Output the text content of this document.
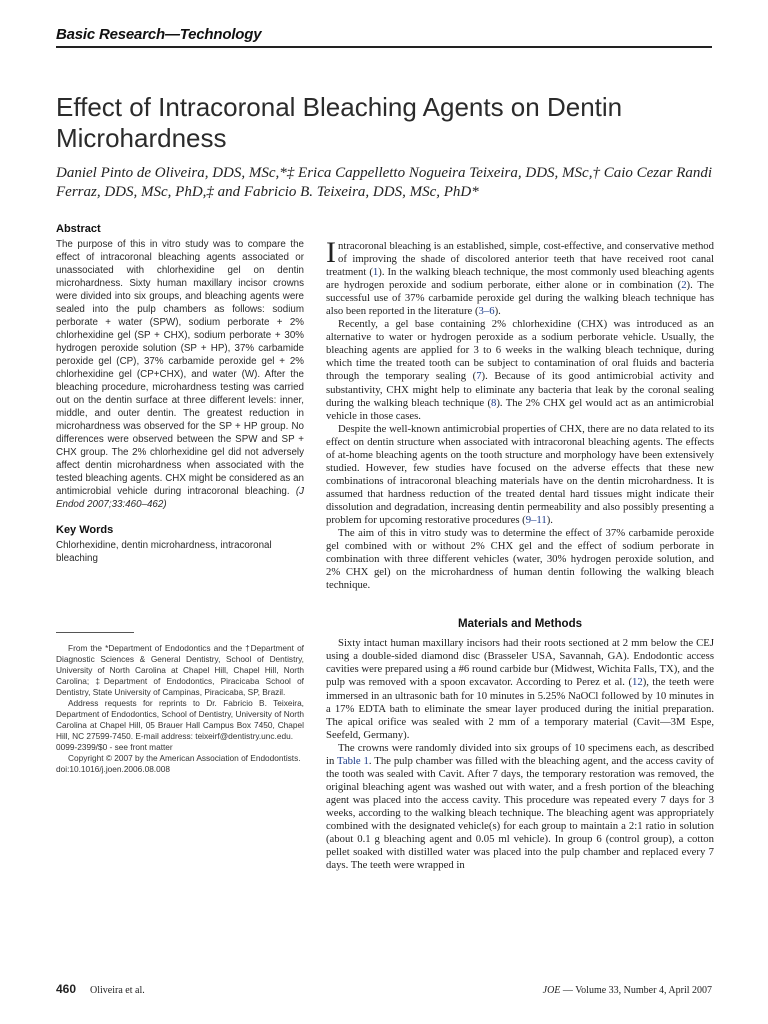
Basic Research—Technology
Effect of Intracoronal Bleaching Agents on Dentin Microhardness
Daniel Pinto de Oliveira, DDS, MSc,*‡ Erica Cappelletto Nogueira Teixeira, DDS, MSc,† Caio Cezar Randi Ferraz, DDS, MSc, PhD,‡ and Fabricio B. Teixeira, DDS, MSc, PhD*
Abstract

The purpose of this in vitro study was to compare the effect of intracoronal bleaching agents associated or unassociated with chlorhexidine gel on dentin microhardness. Sixty human maxillary incisor crowns were divided into six groups, and bleaching agents were sealed into the pulp chambers as follows: sodium perborate + water (SPW), sodium perborate + 2% chlorhexidine gel (SP + CHX), sodium perborate + 30% hydrogen peroxide solution (SP + HP), 37% carbamide peroxide gel (CP), 37% carbamide peroxide gel + 2% chlorhexidine gel (CP+CHX), and water (W). After the bleaching procedure, microhardness testing was carried out on the dentin surface at three different levels: inner, middle, and outer dentin. The greatest reduction in microhardness was observed for the SP + HP group. No differences were observed between the SPW and SP + CHX group. The 2% chlorhexidine gel did not adversely affect dentin microhardness when associated with the tested bleaching agents. CHX might be considered as an antimicrobial vehicle during intracoronal bleaching. (J Endod 2007;33:460–462)

Key Words

Chlorhexidine, dentin microhardness, intracoronal bleaching

From the *Department of Endodontics and the †Department of Diagnostic Sciences & General Dentistry, School of Dentistry, University of North Carolina at Chapel Hill, Chapel Hill, North Carolina; ‡Department of Endodontics, Piracicaba School of Dentistry, State University of Campinas, Piracicaba, SP, Brazil.

Address requests for reprints to Dr. Fabricio B. Teixeira, Department of Endodontics, School of Dentistry, University of North Carolina at Chapel Hill, 05 Brauer Hall Campus Box 7450, Chapel Hill, NC 27599-7450. E-mail address: teixeirf@dentistry.unc.edu.

0099-2399/$0 - see front matter

Copyright © 2007 by the American Association of Endodontists.

doi:10.1016/j.joen.2006.08.008

Intracoronal bleaching is an established, simple, cost-effective, and conservative method of improving the shade of discolored anterior teeth that have received root canal treatment (1). In the walking bleach technique, the most commonly used bleaching agents are hydrogen peroxide and sodium perborate, either alone or in combination (2). The successful use of 37% carbamide peroxide gel during the walking bleach technique has also been reported in the literature (3–6).

Recently, a gel base containing 2% chlorhexidine (CHX) was introduced as an alternative to water or hydrogen peroxide as a sodium perborate vehicle. Usually, the bleaching agents are applied for 3 to 6 weeks in the walking bleach technique, during which time the treated tooth can be subject to contamination of oral fluids and bacteria through the temporary sealing (7). Because of its good antimicrobial activity and substantivity, CHX might help to eliminate any bacteria that leak by the coronal sealing during the walking bleach technique (8). The 2% CHX gel would act as an antimicrobial vehicle in those cases.

Despite the well-known antimicrobial properties of CHX, there are no data related to its effect on dentin structure when associated with intracoronal bleaching agents. The effects of at-home bleaching agents on the tooth structure and morphology have been extensively studied. However, few studies have focused on the adverse effects that these new combinations of intracoronal bleaching materials have on the dentin microhardness. It is assumed that hardness reduction of the treated dental hard tissues might indicate their dissolution and degradation, increasing dentin permeability and also possibly presenting a problem for upcoming restorative procedures (9–11).

The aim of this in vitro study was to determine the effect of 37% carbamide peroxide gel combined with or without 2% CHX gel and the effect of sodium perborate in combination with three different vehicles (water, 30% hydrogen peroxide solution, and 2% CHX gel) on the microhardness of human dentin following the walking bleach technique.

Materials and Methods

Sixty intact human maxillary incisors had their roots sectioned at 2 mm below the CEJ using a double-sided diamond disc (Brasseler USA, Savannah, GA). Endodontic access cavities were prepared using a #6 round carbide bur (Midwest, Wichita Falls, TX), and the pulp was removed with a spoon excavator. According to Perez et al. (12), the teeth were immersed in an ultrasonic bath for 10 minutes in 5.25% NaOCl followed by 10 minutes in a 17% EDTA bath to eliminate the smear layer produced during the initial preparation. The apical orifice was sealed with 2 mm of a temporary material (Cavit—3M Espe, Seefeld, Germany).

The crowns were randomly divided into six groups of 10 specimens each, as described in Table 1. The pulp chamber was filled with the bleaching agent, and the access cavity of the tooth was sealed with Cavit. After 7 days, the temporary restoration was removed, the original bleaching agent was washed out with water, and a fresh portion of the bleaching agent was placed into the access cavity. This procedure was repeated every 7 days for 3 weeks, according to the walking bleach technique. The bleaching agent was appropriately combined with the designated vehicle(s) for each group to maintain a 2:1 ratio in solution (about 0.1 g bleaching agent and 0.05 ml vehicle). In group 6 (control group), a cotton pellet soaked with distilled water was placed into the pulp chamber and replaced every 7 days. The teeth were wrapped in

460 Oliveira et al.	JOE — Volume 33, Number 4, April 2007
